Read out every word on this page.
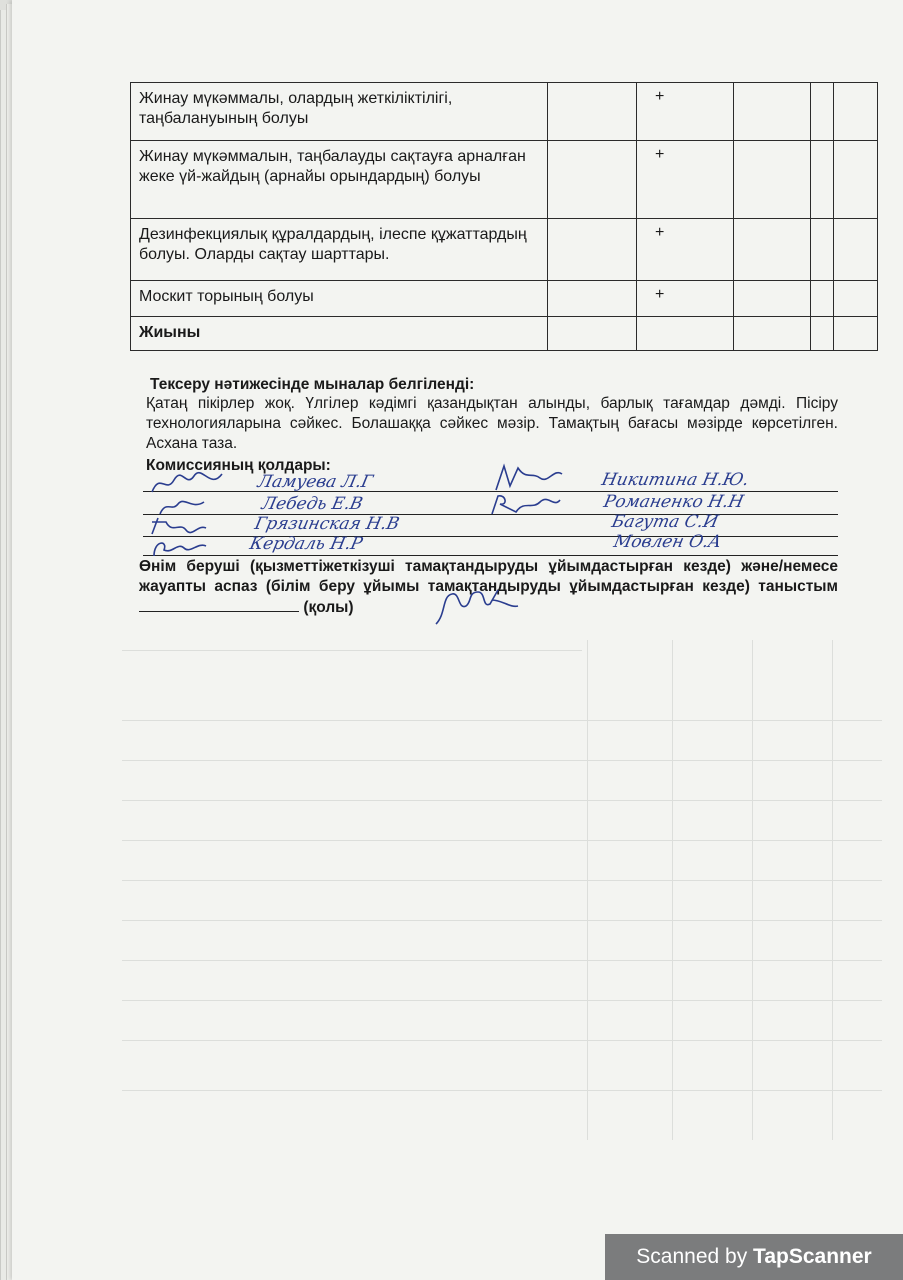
Жинау мүкәммалы, олардың жеткіліктілігі, таңбалануының болуы		+			
Жинау мүкәммалын, таңбалауды сақтауға арналған жеке үй-жайдың (арнайы орындардың) болуы		+			
Дезинфекциялық құралдардың, ілеспе құжаттардың болуы. Оларды сақтау шарттары.		+			
Москит торының болуы		+			
Жиыны					
Тексеру нәтижесінде мыналар белгіленді:
Қатаң пікірлер жоқ. Үлгілер кәдімгі қазандықтан алынды, барлық тағамдар дәмді. Пісіру технологияларына сәйкес. Болашаққа сәйкес мәзір. Тамақтың бағасы мәзірде көрсетілген. Асхана таза.
Комиссияның қолдары:
Ламуева Л.Г	Никитина Н.Ю.
Лебедь Е.В	Романенко Н.Н
Грязинская Н.В	Багута С.И
Кердаль Н.Р	Мовлен О.А
Өнім беруші (қызметтіжеткізуші тамақтандыруды ұйымдастырған кезде) және/немесе жауапты аспаз (білім беру ұйымы тамақтандыруды ұйымдастырған кезде) таныстым  (қолы)
Scanned by TapScanner
